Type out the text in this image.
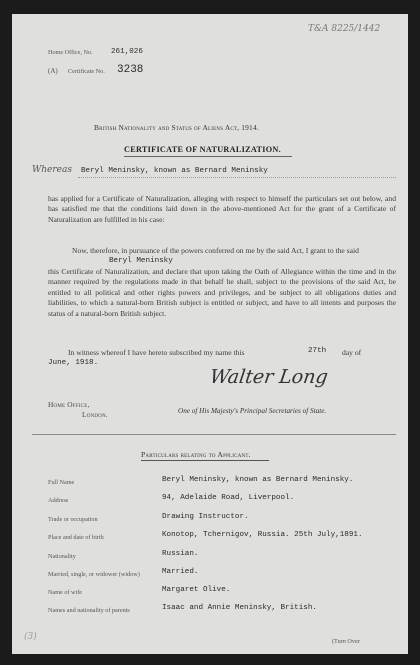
T&A 8225/1442
Home Office, No. 261,026
(A) Certificate No. 3238
British Nationality and Status of Aliens Act, 1914.
CERTIFICATE OF NATURALIZATION.
Whereas Beryl Meninsky, known as Bernard Meninsky
has applied for a Certificate of Naturalization, alleging with respect to himself the particulars set out below, and has satisfied me that the conditions laid down in the above-mentioned Act for the grant of a Certificate of Naturalization are fulfilled in his case:
Now, therefore, in pursuance of the powers conferred on me by the said Act, I grant to the said
Beryl Meninsky
this Certificate of Naturalization, and declare that upon taking the Oath of Allegiance within the time and in the manner required by the regulations made in that behalf he shall, subject to the provisions of the said Act, be entitled to all political and other rights powers and privileges, and be subject to all obligations duties and liabilities, to which a natural-born British subject is entitled or subject, and have to all intents and purposes the status of a natural-born British subject.
In witness whereof I have hereto subscribed my name this	27th day of
June, 1918.
Walter Long
Home Office,
London.	One of His Majesty's Principal Secretaries of State.
Particulars relating to Applicant.
Full Name	Beryl Meninsky, known as Bernard Meninsky.
Address	94, Adelaide Road, Liverpool.
Trade or occupation	Drawing Instructor.
Place and date of birth	Konotop, Tchernigov, Russia. 25th July,1891.
Nationality	Russian.
Married, single, or widower (widow)	Married.
Name of wife	Margaret Olive.
Names and nationality of parents	Isaac and Annie Meninsky, British.
(3)	(Turn Over
